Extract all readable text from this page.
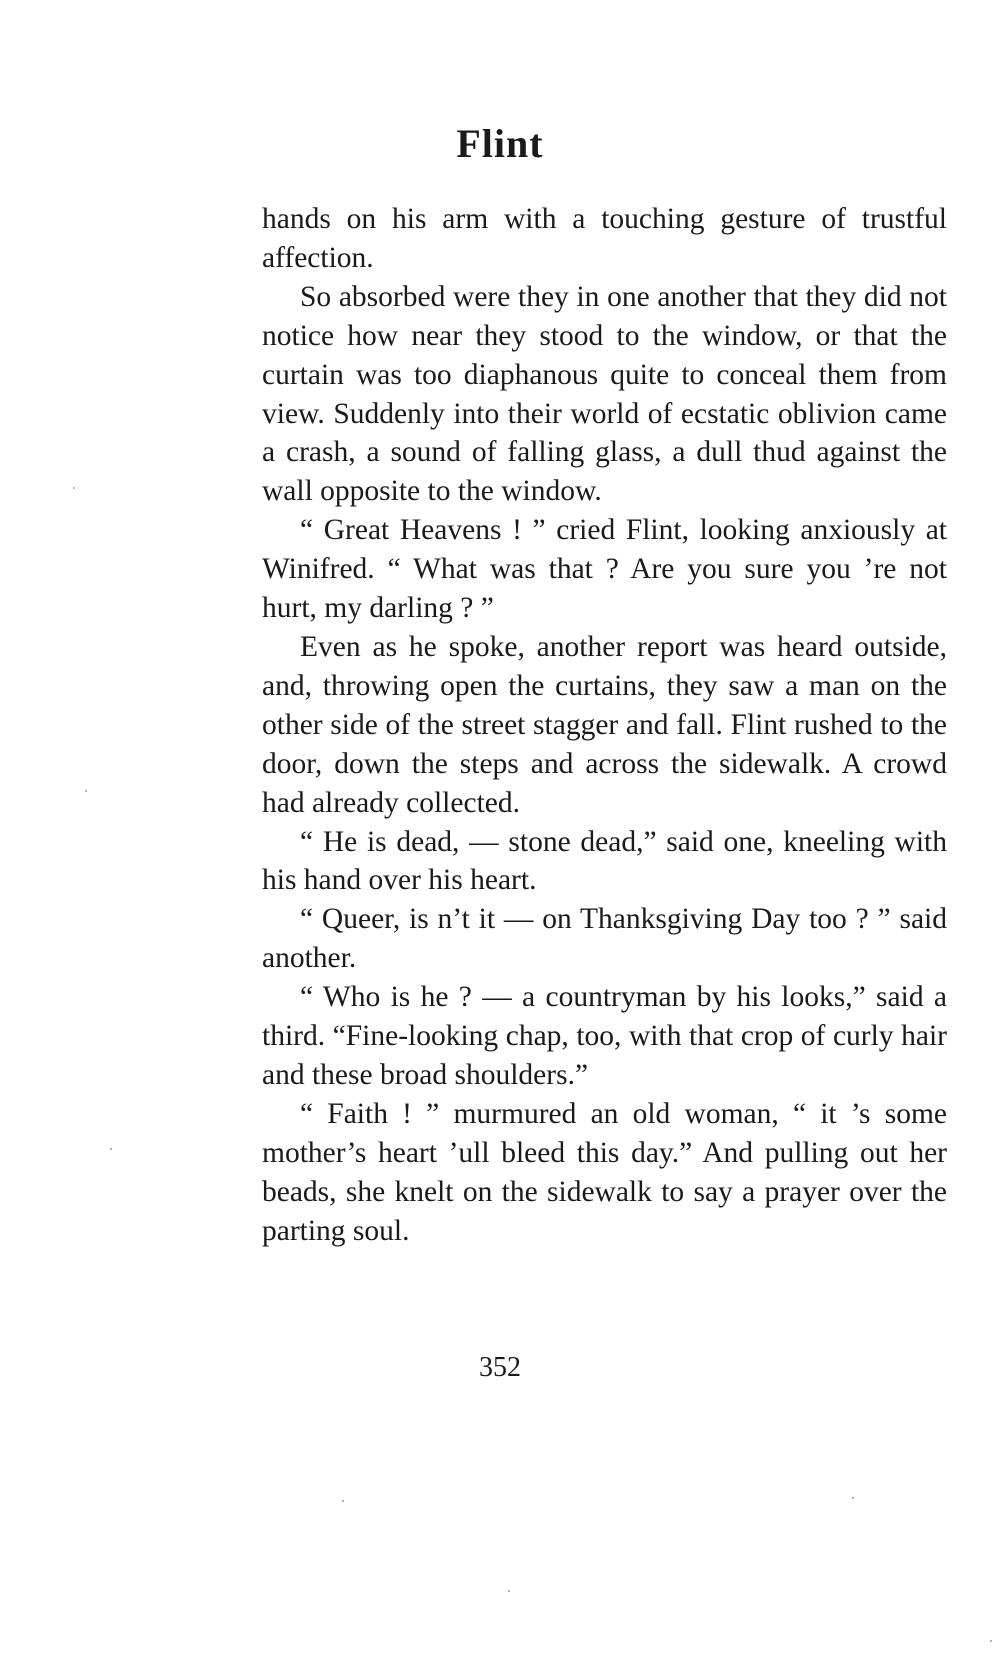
Flint

hands on his arm with a touching gesture of trustful affection.

So absorbed were they in one another that they did not notice how near they stood to the window, or that the curtain was too diaphanous quite to conceal them from view. Suddenly into their world of ecstatic oblivion came a crash, a sound of falling glass, a dull thud against the wall opposite to the window.

“ Great Heavens ! ” cried Flint, looking anxiously at Winifred. “ What was that ? Are you sure you ’re not hurt, my darling ? ”

Even as he spoke, another report was heard outside, and, throwing open the curtains, they saw a man on the other side of the street stagger and fall. Flint rushed to the door, down the steps and across the sidewalk. A crowd had already collected.

“ He is dead, — stone dead,” said one, kneeling with his hand over his heart.

“ Queer, is n’t it — on Thanksgiving Day too ? ” said another.

“ Who is he ? — a countryman by his looks,” said a third. “Fine-looking chap, too, with that crop of curly hair and these broad shoulders.”

“ Faith ! ” murmured an old woman, “ it ’s some mother’s heart ’ull bleed this day.” And pulling out her beads, she knelt on the sidewalk to say a prayer over the parting soul.

352
